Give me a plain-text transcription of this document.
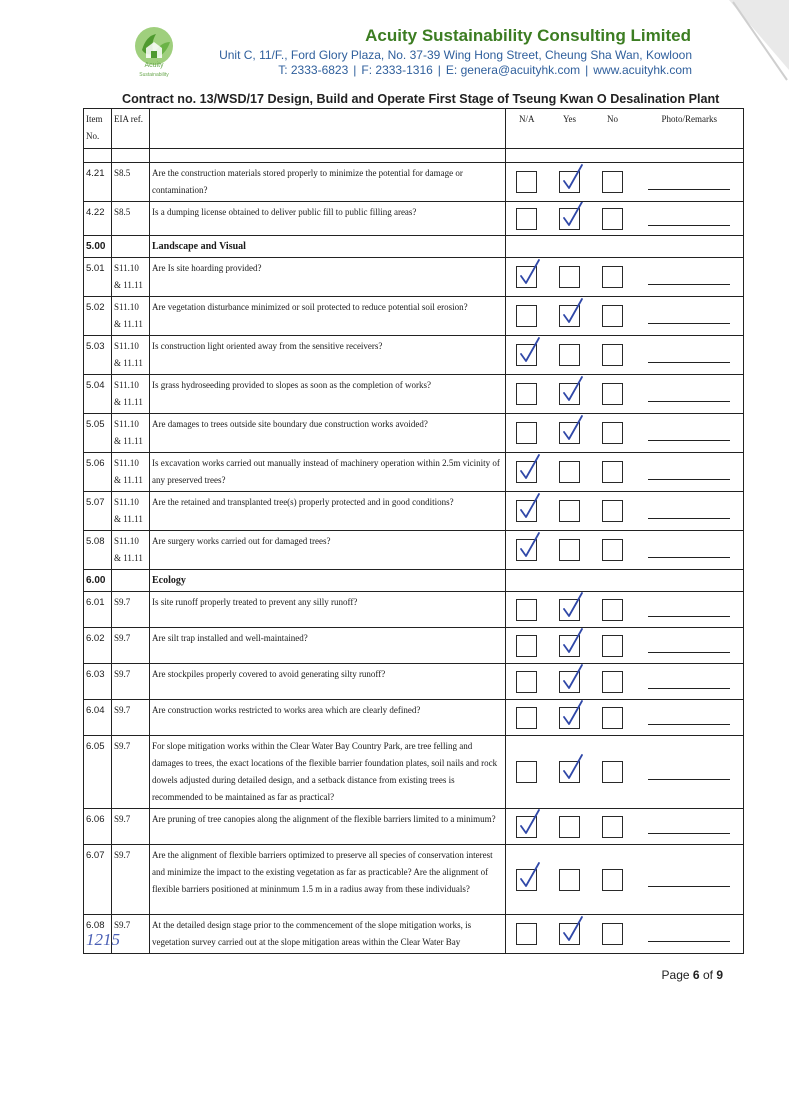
Acuity
Sustainability
Acuity Sustainability Consulting Limited
Unit C, 11/F., Ford Glory Plaza, No. 37-39 Wing Hong Street, Cheung Sha Wan, Kowloon
T: 2333-6823 | F: 2333-1316 | E: genera@acuityhk.com | www.acuityhk.com
Contract no. 13/WSD/17 Design, Build and Operate First Stage of Tseung Kwan O Desalination Plant
Item
No.	EIA ref.		N/A	Yes	No	Photo/Remarks

4.21	S8.5	Are the construction materials stored properly to minimize the potential for damage or contamination?		

4.22	S8.5	Is a dumping license obtained to deliver public fill to public filling areas?		

5.00		Landscape and Visual				
5.01	S11.10 & 11.11	Are Is site hoarding provided?	

5.02	S11.10 & 11.11	Are vegetation disturbance minimized or soil protected to reduce potential soil erosion?		

5.03	S11.10 & 11.11	Is construction light oriented away from the sensitive receivers?	

5.04	S11.10 & 11.11	Is grass hydroseeding provided to slopes as soon as the completion of works?		

5.05	S11.10 & 11.11	Are damages to trees outside site boundary due construction works avoided?		

5.06	S11.10 & 11.11	Is excavation works carried out manually instead of machinery operation within 2.5m vicinity of any preserved trees?	

5.07	S11.10 & 11.11	Are the retained and transplanted tree(s) properly protected and in good conditions?	

5.08	S11.10 & 11.11	Are surgery works carried out for damaged trees?	

6.00		Ecology				
6.01	S9.7	Is site runoff properly treated to prevent any silly runoff?		

6.02	S9.7	Are silt trap installed and well-maintained?		

6.03	S9.7	Are stockpiles properly covered to avoid generating silty runoff?		

6.04	S9.7	Are construction works restricted to works area which are clearly defined?		

6.05	S9.7	For slope mitigation works within the Clear Water Bay Country Park, are tree felling and damages to trees, the exact locations of the flexible barrier foundation plates, soil nails and rock dowels adjusted during detailed design, and a setback distance from existing trees is recommended to be maintained as far as practical?		

6.06	S9.7	Are pruning of tree canopies along the alignment of the flexible barriers limited to a minimum?	

6.07	S9.7	Are the alignment of flexible barriers optimized to preserve all species of conservation interest and minimize the impact to the existing vegetation as far as practicable? Are the alignment of flexible barriers positioned at mininmum 1.5 m in a radius away from these individuals?	

6.08	S9.7	At the detailed design stage prior to the commencement of the slope mitigation works, is vegetation survey carried out at the slope mitigation areas within the Clear Water Bay		

1215
Page 6 of 9
